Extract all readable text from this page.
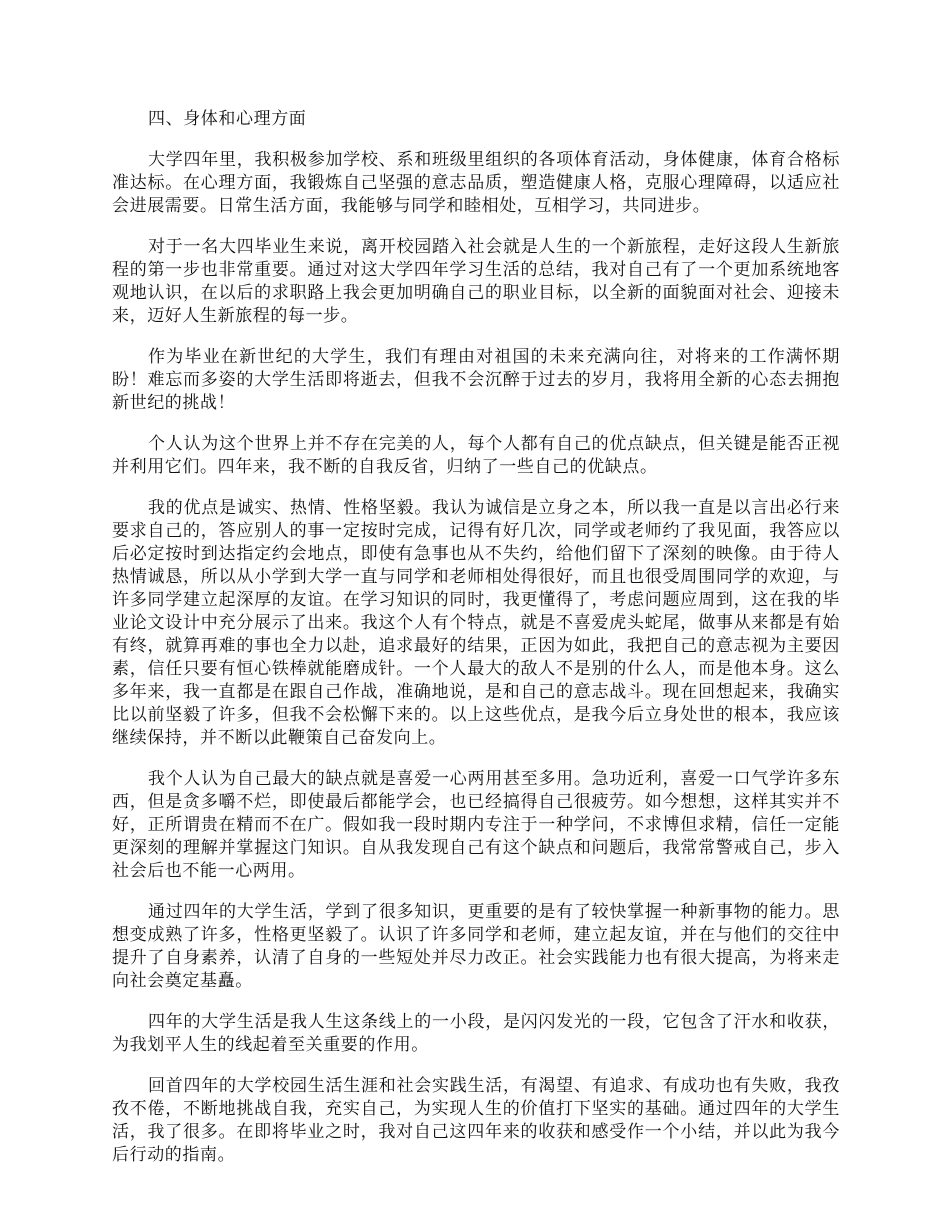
四、身体和心理方面

大学四年里，我积极参加学校、系和班级里组织的各项体育活动，身体健康，体育合格标准达标。在心理方面，我锻炼自己坚强的意志品质，塑造健康人格，克服心理障碍，以适应社会进展需要。日常生活方面，我能够与同学和睦相处，互相学习，共同进步。

对于一名大四毕业生来说，离开校园踏入社会就是人生的一个新旅程，走好这段人生新旅程的第一步也非常重要。通过对这大学四年学习生活的总结，我对自己有了一个更加系统地客观地认识，在以后的求职路上我会更加明确自己的职业目标，以全新的面貌面对社会、迎接未来，迈好人生新旅程的每一步。

作为毕业在新世纪的大学生，我们有理由对祖国的未来充满向往，对将来的工作满怀期盼！难忘而多姿的大学生活即将逝去，但我不会沉醉于过去的岁月，我将用全新的心态去拥抱新世纪的挑战！

个人认为这个世界上并不存在完美的人，每个人都有自己的优点缺点，但关键是能否正视并利用它们。四年来，我不断的自我反省，归纳了一些自己的优缺点。

我的优点是诚实、热情、性格坚毅。我认为诚信是立身之本，所以我一直是以言出必行来要求自己的，答应别人的事一定按时完成，记得有好几次，同学或老师约了我见面，我答应以后必定按时到达指定约会地点，即使有急事也从不失约，给他们留下了深刻的映像。由于待人热情诚恳，所以从小学到大学一直与同学和老师相处得很好，而且也很受周围同学的欢迎，与许多同学建立起深厚的友谊。在学习知识的同时，我更懂得了，考虑问题应周到，这在我的毕业论文设计中充分展示了出来。我这个人有个特点，就是不喜爱虎头蛇尾，做事从来都是有始有终，就算再难的事也全力以赴，追求最好的结果，正因为如此，我把自己的意志视为主要因素，信任只要有恒心铁棒就能磨成针。一个人最大的敌人不是别的什么人，而是他本身。这么多年来，我一直都是在跟自己作战，准确地说，是和自己的意志战斗。现在回想起来，我确实比以前坚毅了许多，但我不会松懈下来的。以上这些优点，是我今后立身处世的根本，我应该继续保持，并不断以此鞭策自己奋发向上。

我个人认为自己最大的缺点就是喜爱一心两用甚至多用。急功近利，喜爱一口气学许多东西，但是贪多嚼不烂，即使最后都能学会，也已经搞得自己很疲劳。如今想想，这样其实并不好，正所谓贵在精而不在广。假如我一段时期内专注于一种学问，不求博但求精，信任一定能更深刻的理解并掌握这门知识。自从我发现自己有这个缺点和问题后，我常常警戒自己，步入社会后也不能一心两用。

通过四年的大学生活，学到了很多知识，更重要的是有了较快掌握一种新事物的能力。思想变成熟了许多，性格更坚毅了。认识了许多同学和老师，建立起友谊，并在与他们的交往中提升了自身素养，认清了自身的一些短处并尽力改正。社会实践能力也有很大提高，为将来走向社会奠定基矗。

四年的大学生活是我人生这条线上的一小段，是闪闪发光的一段，它包含了汗水和收获，为我划平人生的线起着至关重要的作用。

回首四年的大学校园生活生涯和社会实践生活，有渴望、有追求、有成功也有失败，我孜孜不倦，不断地挑战自我，充实自己，为实现人生的价值打下坚实的基础。通过四年的大学生活，我了很多。在即将毕业之时，我对自己这四年来的收获和感受作一个小结，并以此为我今后行动的指南。
